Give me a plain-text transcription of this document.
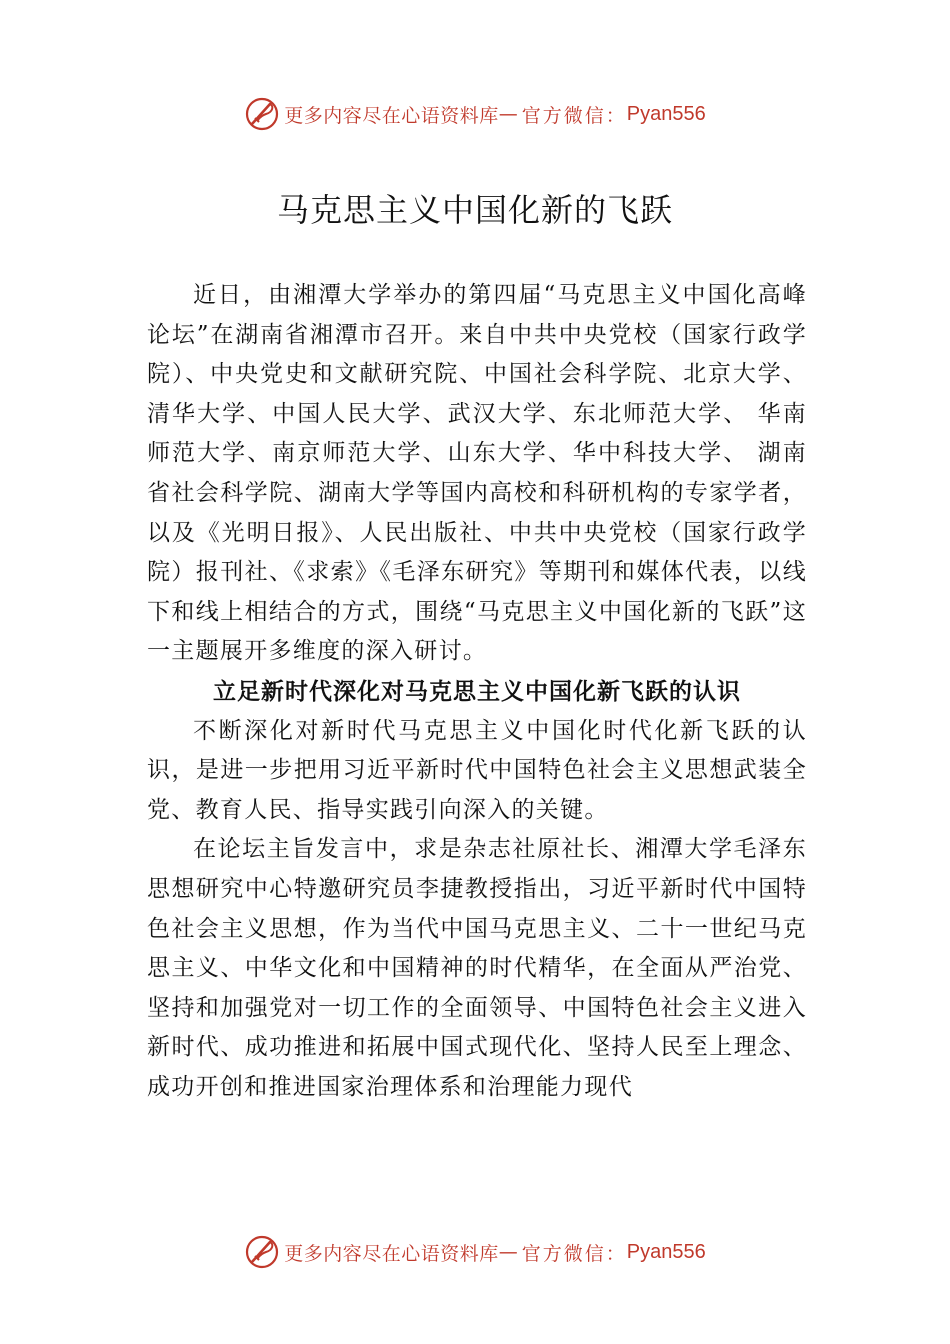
更多内容尽在心语资料库 — 官方微信： Pyan556
马克思主义中国化新的飞跃

近日，由湘潭大学举办的第四届“马克思主义中国化高峰论坛”在湖南省湘潭市召开。来自中共中央党校（国家行政学院）、中央党史和文献研究院、中国社会科学院、北京大学、清华大学、中国人民大学、武汉大学、东北师范大学、 华南师范大学、南京师范大学、山东大学、华中科技大学、 湖南省社会科学院、湖南大学等国内高校和科研机构的专家学者，以及《光明日报》、人民出版社、中共中央党校（国家行政学院）报刊社、《求索》《毛泽东研究》等期刊和媒体代表，以线下和线上相结合的方式，围绕“马克思主义中国化新的飞跃”这一主题展开多维度的深入研讨。

立足新时代深化对马克思主义中国化新飞跃的认识

不断深化对新时代马克思主义中国化时代化新飞跃的认识，是进一步把用习近平新时代中国特色社会主义思想武装全党、教育人民、指导实践引向深入的关键。

在论坛主旨发言中，求是杂志社原社长、湘潭大学毛泽东思想研究中心特邀研究员李捷教授指出，习近平新时代中国特色社会主义思想，作为当代中国马克思主义、二十一世纪马克思主义、中华文化和中国精神的时代精华，在全面从严治党、坚持和加强党对一切工作的全面领导、中国特色社会主义进入新时代、成功推进和拓展中国式现代化、坚持人民至上理念、成功开创和推进国家治理体系和治理能力现代

更多内容尽在心语资料库 — 官方微信： Pyan556
